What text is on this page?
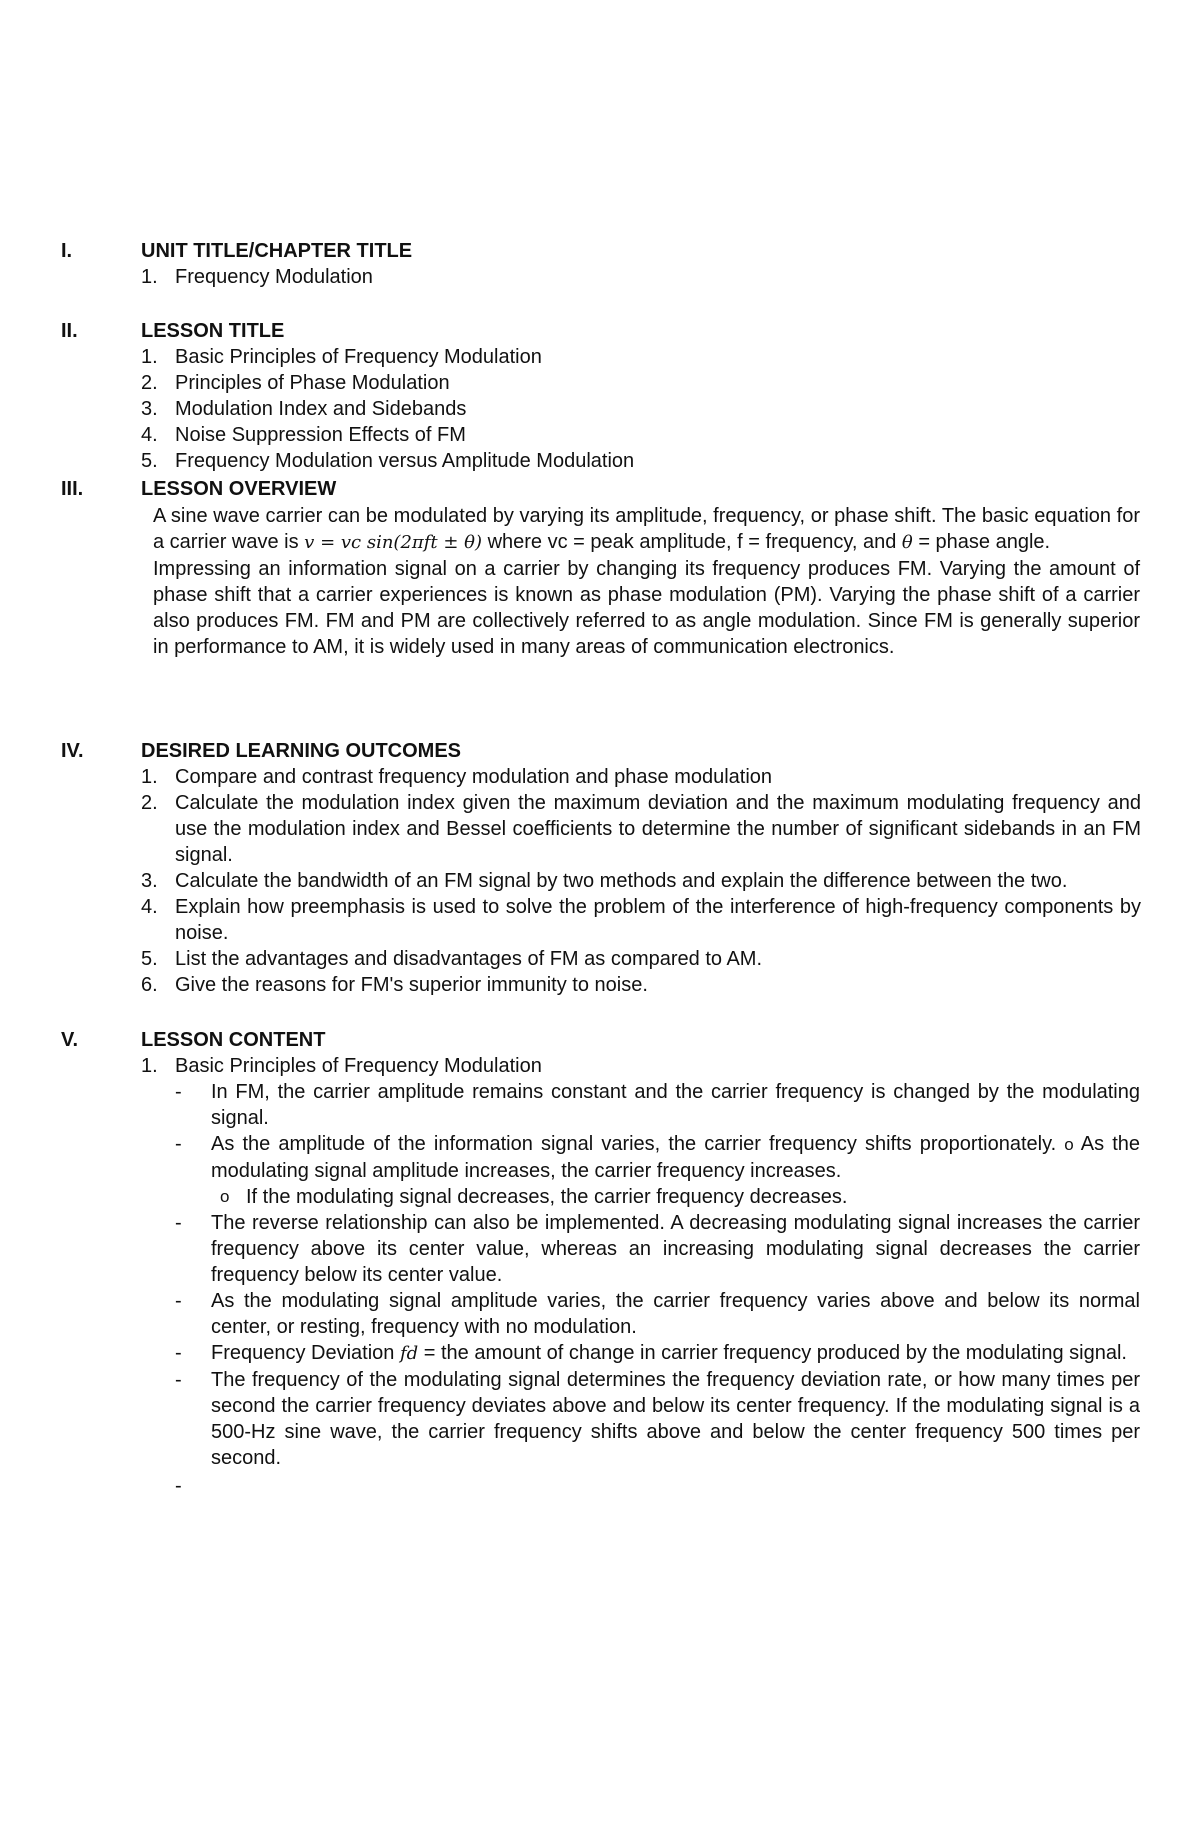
I.	UNIT TITLE/CHAPTER TITLE
1. Frequency Modulation
II.	LESSON TITLE
1. Basic Principles of Frequency Modulation
2. Principles of Phase Modulation
3. Modulation Index and Sidebands
4. Noise Suppression Effects of FM
5. Frequency Modulation versus Amplitude Modulation
III.	LESSON OVERVIEW

A sine wave carrier can be modulated by varying its amplitude, frequency, or phase shift. The basic equation for a carrier wave is v = vc sin(2πft ± θ) where vc = peak amplitude, f = frequency, and θ = phase angle.

Impressing an information signal on a carrier by changing its frequency produces FM. Varying the amount of phase shift that a carrier experiences is known as phase modulation (PM). Varying the phase shift of a carrier also produces FM. FM and PM are collectively referred to as angle modulation. Since FM is generally superior in performance to AM, it is widely used in many areas of communication electronics.

IV.	DESIRED LEARNING OUTCOMES
1. Compare and contrast frequency modulation and phase modulation
2. Calculate the modulation index given the maximum deviation and the maximum modulating frequency and use the modulation index and Bessel coefficients to determine the number of significant sidebands in an FM signal.
3. Calculate the bandwidth of an FM signal by two methods and explain the difference between the two.
4. Explain how preemphasis is used to solve the problem of the interference of high-frequency components by noise.
5. List the advantages and disadvantages of FM as compared to AM.
6. Give the reasons for FM's superior immunity to noise.
V.	LESSON CONTENT
1. Basic Principles of Frequency Modulation
- In FM, the carrier amplitude remains constant and the carrier frequency is changed by the modulating signal.
- As the amplitude of the information signal varies, the carrier frequency shifts proportionately. o As the modulating signal amplitude increases, the carrier frequency increases.
o If the modulating signal decreases, the carrier frequency decreases.
- The reverse relationship can also be implemented. A decreasing modulating signal increases the carrier frequency above its center value, whereas an increasing modulating signal decreases the carrier frequency below its center value.
- As the modulating signal amplitude varies, the carrier frequency varies above and below its normal center, or resting, frequency with no modulation.
- Frequency Deviation fd = the amount of change in carrier frequency produced by the modulating signal.
- The frequency of the modulating signal determines the frequency deviation rate, or how many times per second the carrier frequency deviates above and below its center frequency. If the modulating signal is a 500-Hz sine wave, the carrier frequency shifts above and below the center frequency 500 times per second.
-
